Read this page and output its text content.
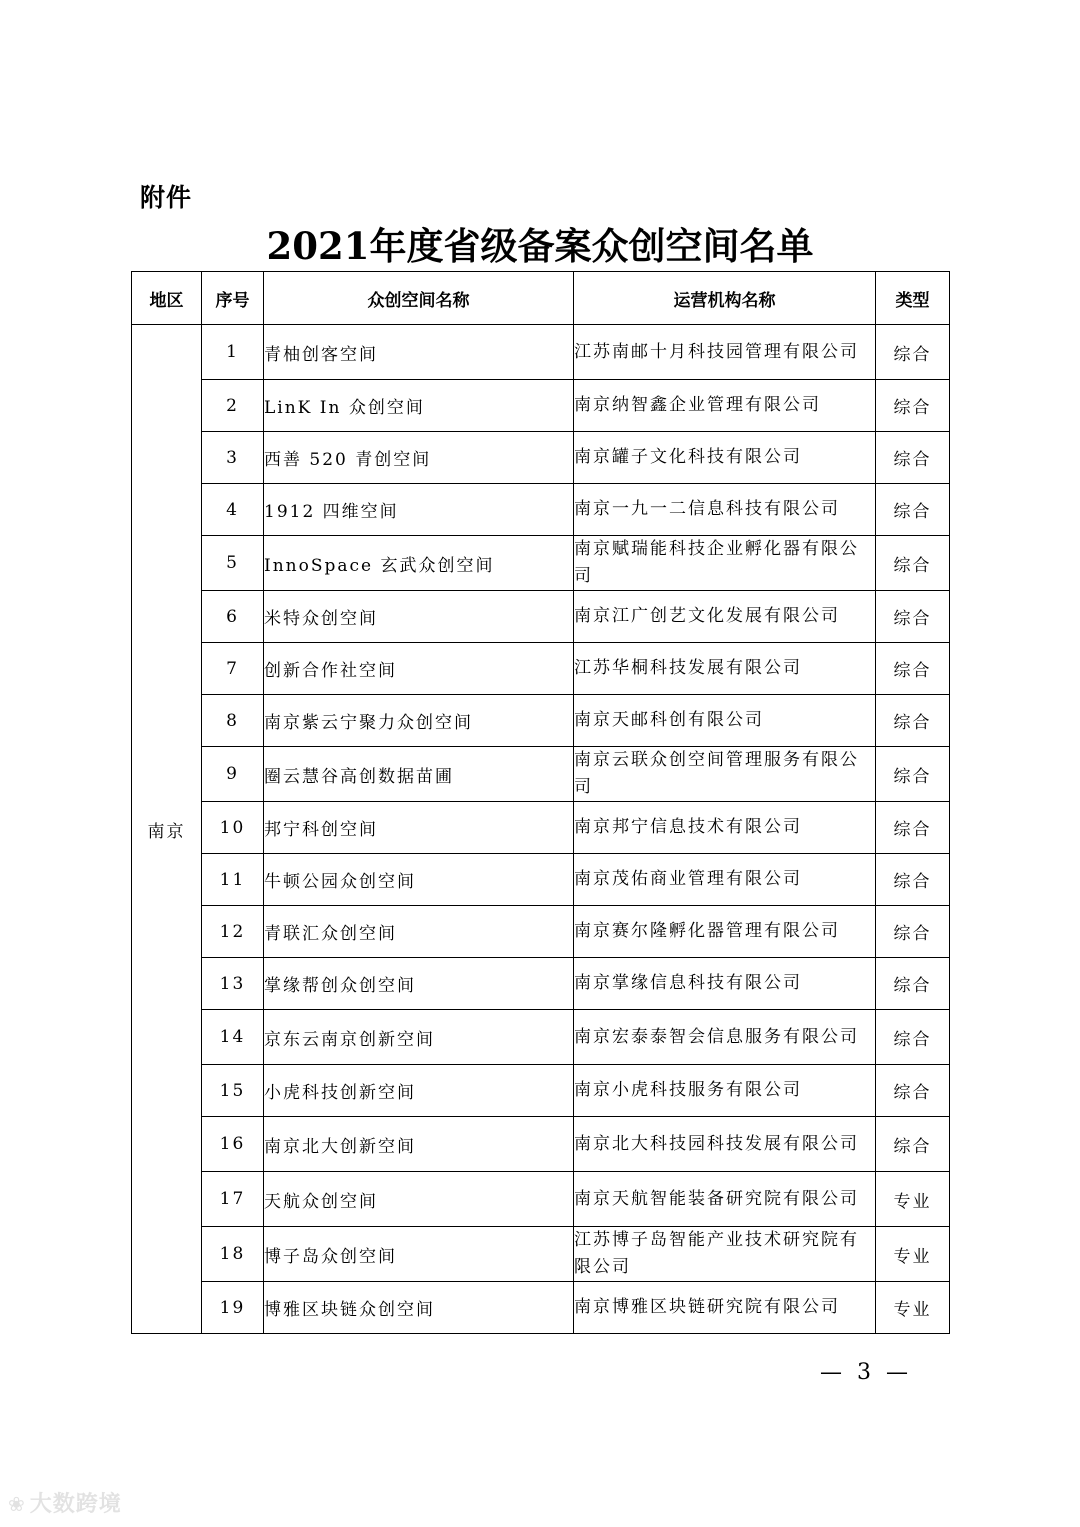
附件
2021年度省级备案众创空间名单
地区	序号	众创空间名称	运营机构名称	类型
南京	1	青柚创客空间	江苏南邮十月科技园管理有限公司	综合
	2	LinK In 众创空间	南京纳智鑫企业管理有限公司	综合
	3	西善 520 青创空间	南京罐子文化科技有限公司	综合
	4	1912 四维空间	南京一九一二信息科技有限公司	综合
	5	InnoSpace 玄武众创空间	南京赋瑞能科技企业孵化器有限公司	综合
	6	米特众创空间	南京江广创艺文化发展有限公司	综合
	7	创新合作社空间	江苏华桐科技发展有限公司	综合
	8	南京紫云宁聚力众创空间	南京天邮科创有限公司	综合
	9	圈云慧谷高创数据苗圃	南京云联众创空间管理服务有限公司	综合
	10	邦宁科创空间	南京邦宁信息技术有限公司	综合
	11	牛顿公园众创空间	南京茂佑商业管理有限公司	综合
	12	青联汇众创空间	南京赛尔隆孵化器管理有限公司	综合
	13	掌缘帮创众创空间	南京掌缘信息科技有限公司	综合
	14	京东云南京创新空间	南京宏泰泰智会信息服务有限公司	综合
	15	小虎科技创新空间	南京小虎科技服务有限公司	综合
	16	南京北大创新空间	南京北大科技园科技发展有限公司	综合
	17	天航众创空间	南京天航智能装备研究院有限公司	专业
	18	博子岛众创空间	江苏博子岛智能产业技术研究院有限公司	专业
	19	博雅区块链众创空间	南京博雅区块链研究院有限公司	专业
— 3 —
❀ 大数跨境
